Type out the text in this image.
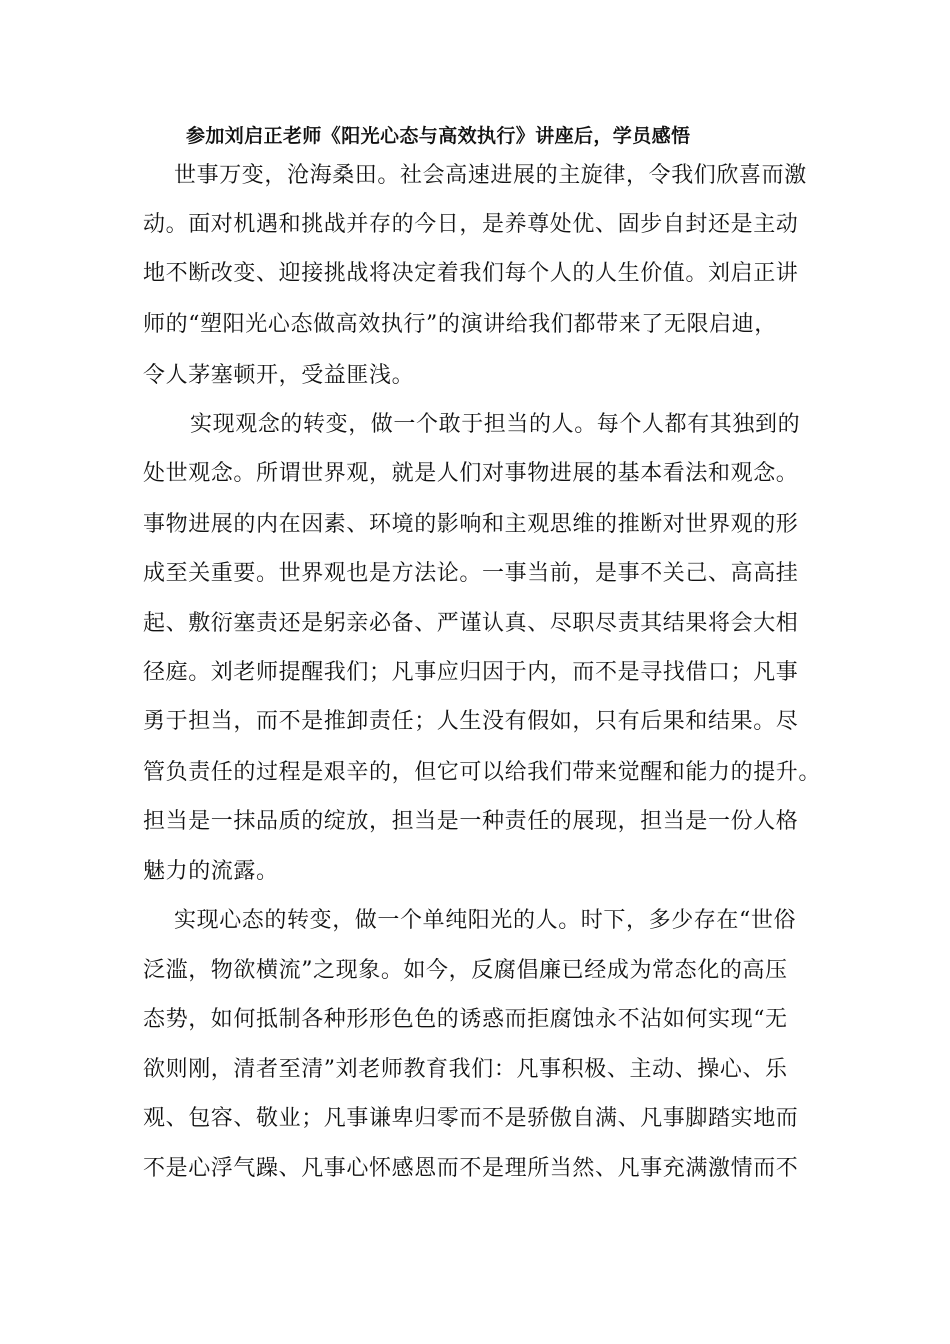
参加刘启正老师《阳光心态与高效执行》讲座后，学员感悟
世事万变，沧海桑田。社会高速进展的主旋律，令我们欣喜而激
动。面对机遇和挑战并存的今日，是养尊处优、固步自封还是主动
地不断改变、迎接挑战将决定着我们每个人的人生价值。刘启正讲
师的“塑阳光心态做高效执行”的演讲给我们都带来了无限启迪，
令人茅塞顿开，受益匪浅。
实现观念的转变，做一个敢于担当的人。每个人都有其独到的
处世观念。所谓世界观，就是人们对事物进展的基本看法和观念。
事物进展的内在因素、环境的影响和主观思维的推断对世界观的形
成至关重要。世界观也是方法论。一事当前，是事不关己、高高挂
起、敷衍塞责还是躬亲必备、严谨认真、尽职尽责其结果将会大相
径庭。刘老师提醒我们；凡事应归因于内，而不是寻找借口；凡事
勇于担当，而不是推卸责任；人生没有假如，只有后果和结果。尽
管负责任的过程是艰辛的，但它可以给我们带来觉醒和能力的提升。
担当是一抹品质的绽放，担当是一种责任的展现，担当是一份人格
魅力的流露。
实现心态的转变，做一个单纯阳光的人。时下，多少存在“世俗
泛滥，物欲横流”之现象。如今，反腐倡廉已经成为常态化的高压
态势，如何抵制各种形形色色的诱惑而拒腐蚀永不沾如何实现“无
欲则刚，清者至清”刘老师教育我们：凡事积极、主动、操心、乐
观、包容、敬业；凡事谦卑归零而不是骄傲自满、凡事脚踏实地而
不是心浮气躁、凡事心怀感恩而不是理所当然、凡事充满激情而不
